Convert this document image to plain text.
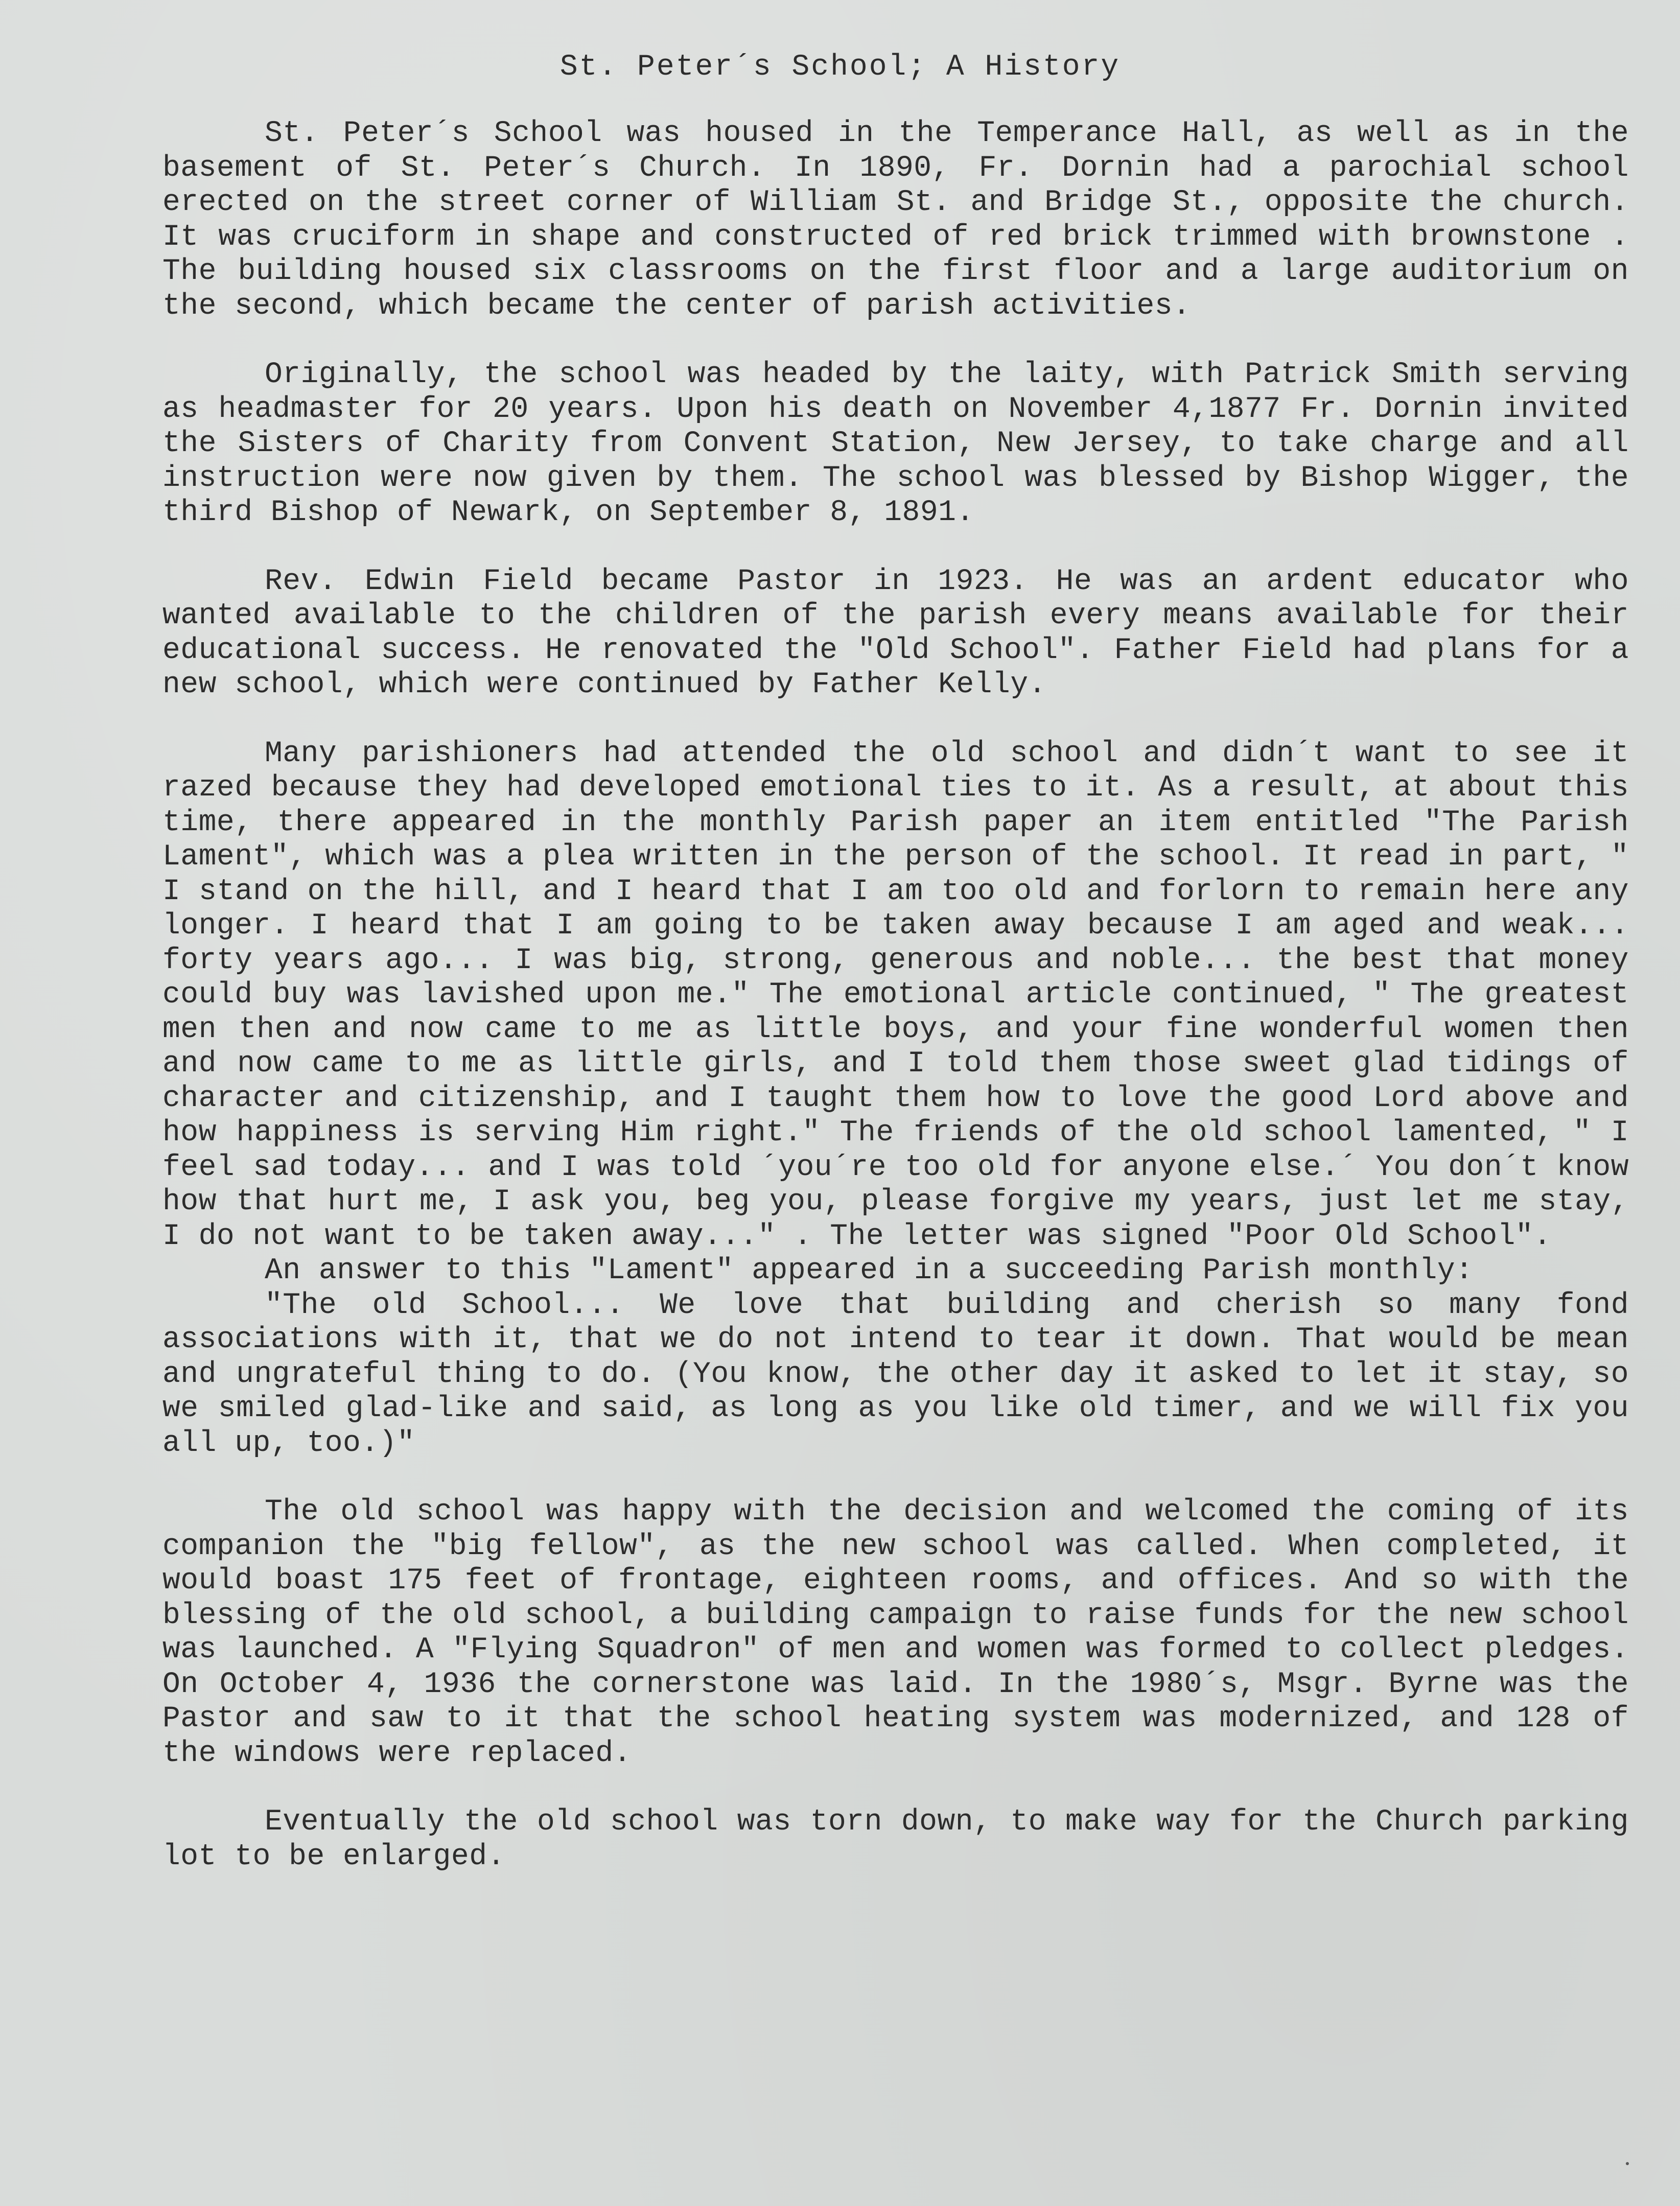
St. Peter´s School; A History

St. Peter´s School was housed in the Temperance Hall, as well as in the basement of St. Peter´s Church. In 1890, Fr. Dornin had a parochial school erected on the street corner of William St. and Bridge St., opposite the church. It was cruciform in shape and constructed of red brick trimmed with brownstone . The building housed six classrooms on the first floor and a large auditorium on the second, which became the center of parish activities.

Originally, the school was headed by the laity, with Patrick Smith serving as headmaster for 20 years. Upon his death on November 4,1877 Fr. Dornin invited the Sisters of Charity from Convent Station, New Jersey, to take charge and all instruction were now given by them. The school was blessed by Bishop Wigger, the third Bishop of Newark, on September 8, 1891.

Rev. Edwin Field became Pastor in 1923. He was an ardent educator who wanted available to the children of the parish every means available for their educational success. He renovated the "Old School". Father Field had plans for a new school, which were continued by Father Kelly.

Many parishioners had attended the old school and didn´t want to see it razed because they had developed emotional ties to it. As a result, at about this time, there appeared in the monthly Parish paper an item entitled "The Parish Lament", which was a plea written in the person of the school. It read in part, " I stand on the hill, and I heard that I am too old and forlorn to remain here any longer. I heard that I am going to be taken away because I am aged and weak... forty years ago... I was big, strong, generous and noble... the best that money could buy was lavished upon me." The emotional article continued, " The greatest men then and now came to me as little boys, and your fine wonderful women then and now came to me as little girls, and I told them those sweet glad tidings of character and citizenship, and I taught them how to love the good Lord above and how happiness is serving Him right." The friends of the old school lamented, " I feel sad today... and I was told ´you´re too old for anyone else.´ You don´t know how that hurt me, I ask you, beg you, please forgive my years, just let me stay, I do not want to be taken away..." . The letter was signed "Poor Old School".

An answer to this "Lament" appeared in a succeeding Parish monthly:

"The old School... We love that building and cherish so many fond associations with it, that we do not intend to tear it down. That would be mean and ungrateful thing to do. (You know, the other day it asked to let it stay, so we smiled glad-like and said, as long as you like old timer, and we will fix you all up, too.)"

The old school was happy with the decision and welcomed the coming of its companion the "big fellow", as the new school was called. When completed, it would boast 175 feet of frontage, eighteen rooms, and offices. And so with the blessing of the old school, a building campaign to raise funds for the new school was launched. A "Flying Squadron" of men and women was formed to collect pledges. On October 4, 1936 the cornerstone was laid. In the 1980´s, Msgr. Byrne was the Pastor and saw to it that the school heating system was modernized, and 128 of the windows were replaced.

Eventually the old school was torn down, to make way for the Church parking lot to be enlarged.
